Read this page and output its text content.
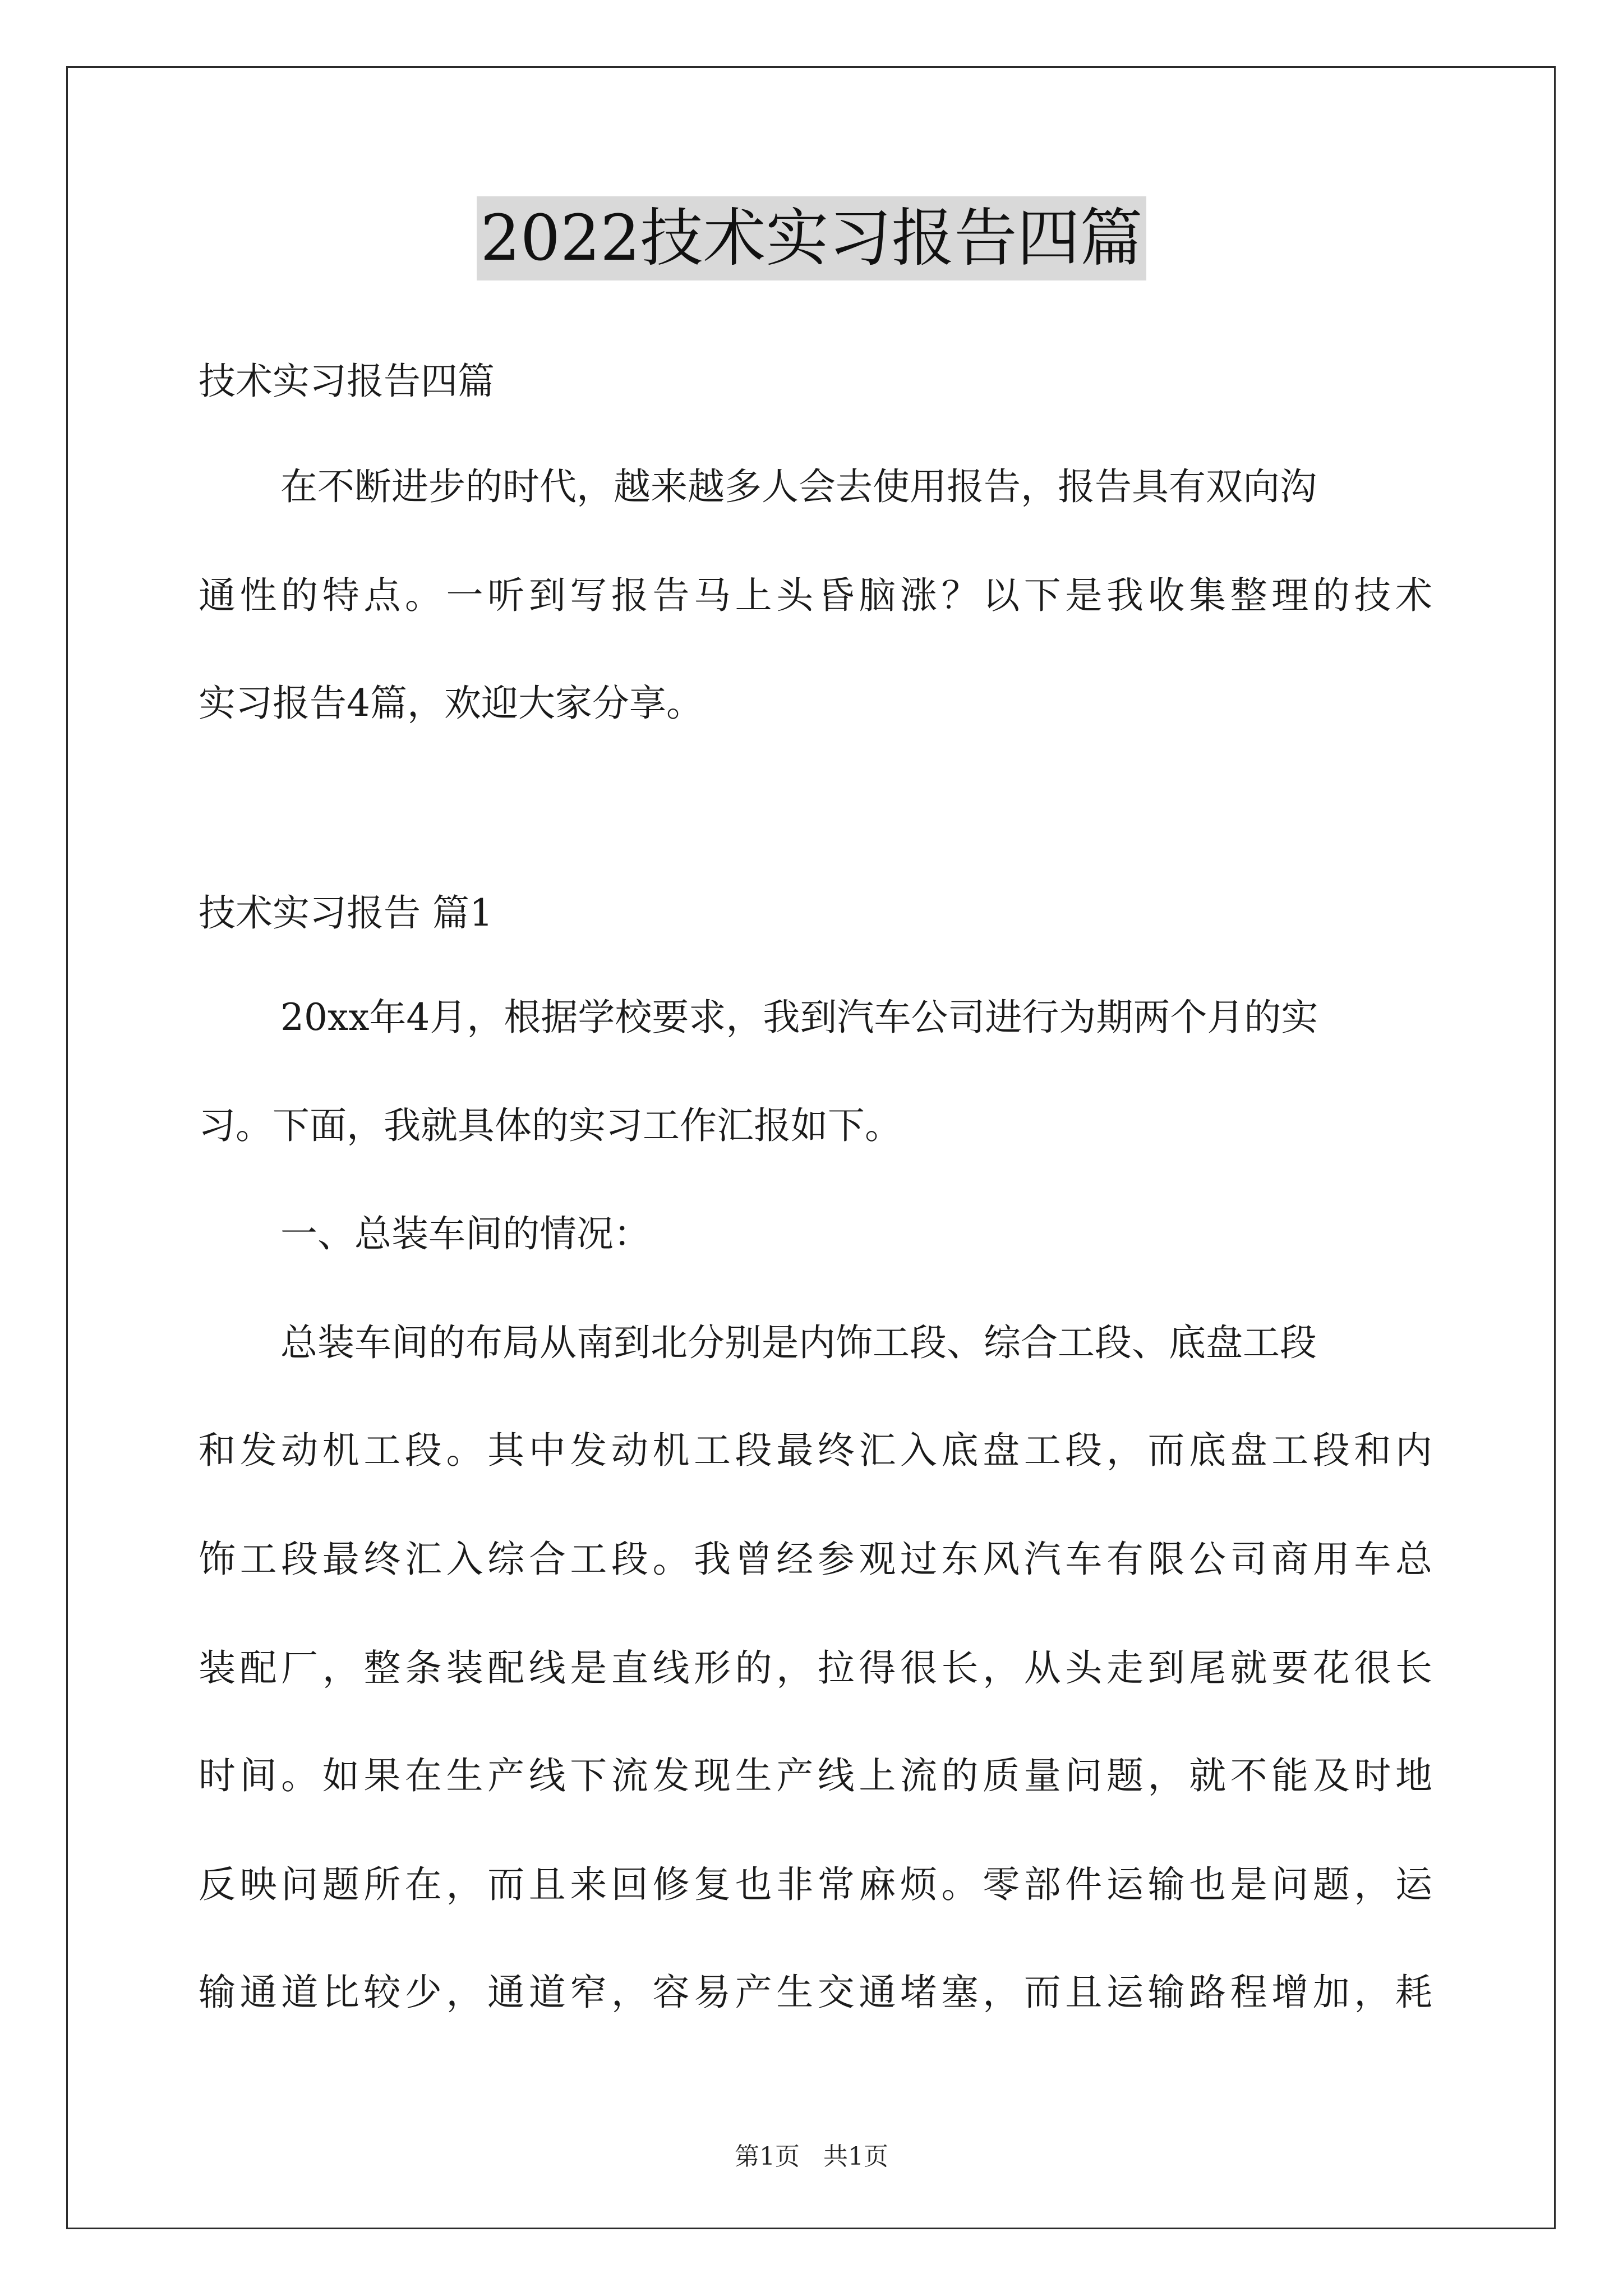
2022技术实习报告四篇
技术实习报告四篇
在不断进步的时代，越来越多人会去使用报告，报告具有双向沟
通性的特点。一听到写报告马上头昏脑涨？以下是我收集整理的技术
实习报告4篇，欢迎大家分享。
技术实习报告 篇1
20xx年4月，根据学校要求，我到汽车公司进行为期两个月的实
习。下面，我就具体的实习工作汇报如下。
一、总装车间的情况：
总装车间的布局从南到北分别是内饰工段、综合工段、底盘工段
和发动机工段。其中发动机工段最终汇入底盘工段，而底盘工段和内
饰工段最终汇入综合工段。我曾经参观过东风汽车有限公司商用车总
装配厂，整条装配线是直线形的，拉得很长，从头走到尾就要花很长
时间。如果在生产线下流发现生产线上流的质量问题，就不能及时地
反映问题所在，而且来回修复也非常麻烦。零部件运输也是问题，运
输通道比较少，通道窄，容易产生交通堵塞，而且运输路程增加，耗
第1页 共1页
